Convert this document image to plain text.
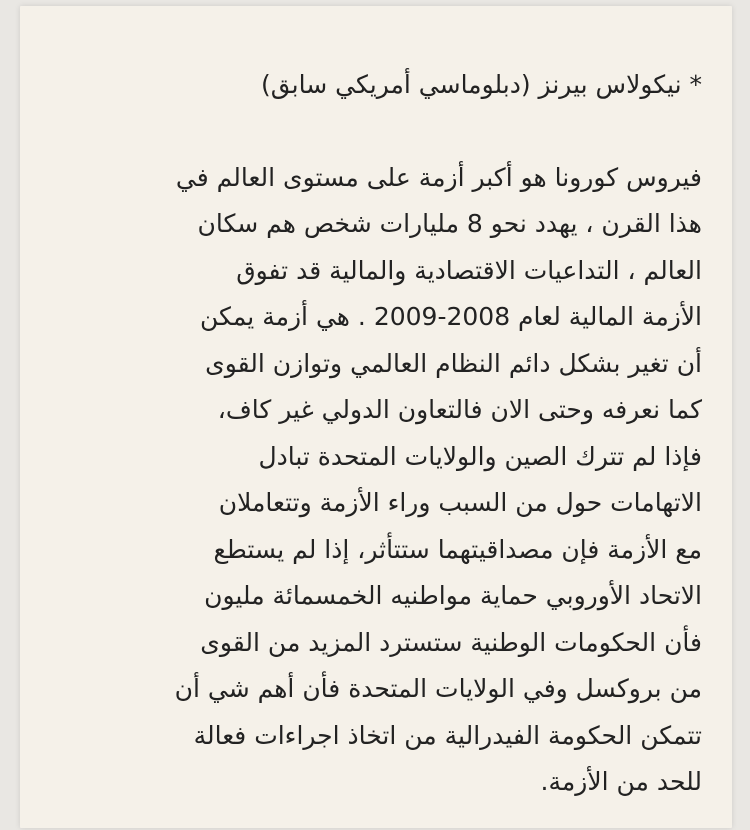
* نيكولاس بيرنز (دبلوماسي أمريكي سابق)

فيروس كورونا هو أكبر أزمة على مستوى العالم في

هذا القرن ، يهدد نحو 8 مليارات شخص هم سكان

العالم ، التداعيات الاقتصادية والمالية قد تفوق

الأزمة المالية لعام 2008-2009 . هي أزمة يمكن

أن تغير بشكل دائم النظام العالمي وتوازن القوى

كما نعرفه وحتى الان فالتعاون الدولي غير كاف،

فإذا لم تترك الصين والولايات المتحدة تبادل

الاتهامات حول من السبب وراء الأزمة وتتعاملان

مع الأزمة فإن مصداقيتهما ستتأثر، إذا لم يستطع

الاتحاد الأوروبي حماية مواطنيه الخمسمائة مليون

فأن الحكومات الوطنية ستسترد المزيد من القوى

من بروكسل وفي الولايات المتحدة فأن أهم شي أن

تتمكن الحكومة الفيدرالية من اتخاذ اجراءات فعالة

للحد من الأزمة.
